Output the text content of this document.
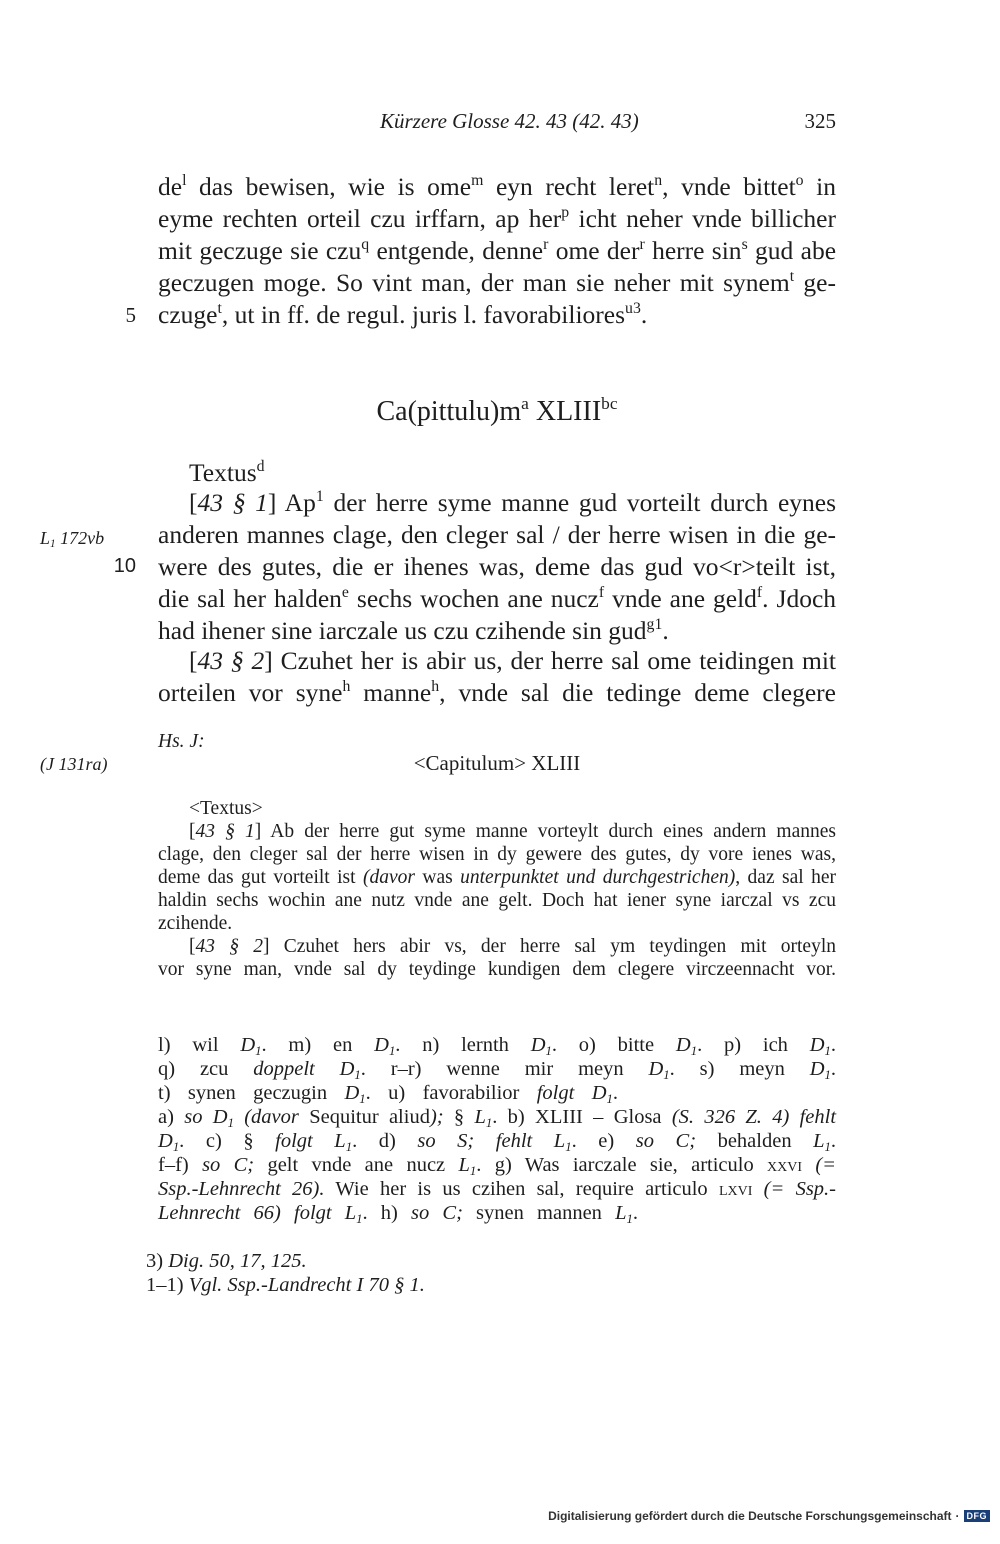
Kürzere Glosse 42. 43 (42. 43)	325
$de^l$ das bewisen, wie is ome$^m$ eyn recht leret$^n$, vnde bittet$^o$ in
eyme rechten orteil czu irffarn, ap her$^p$ icht neher vnde billicher
mit geczuge sie czu$^q$ entgende, denne$^r$ ome der$^r$ herre $\sin^s$ gud abe
geczugen moge. So vint man, der man sie neher mit synem$^t$ ge-
czuge$^t$, ut in ff. de regul. juris l. favorabiliores$^{u3}$.
5
$Ca(pittulu)m^a$ $XLIII^{bc}$
Textus$^d$
[43 § 1] Ap$^1$ der herre syme manne gud vorteilt durch eynes
$L_1$ 172vb anderen mannes clage, den cleger sal / der herre wisen in die ge-
10 were des gutes, die er ihenes was, deme das gud vo<r>teilt ist,
die sal her halden$^e$ sechs wochen ane nucz$^f$ vnde ane geld$^f$. Jdoch
had ihener sine iarczale us czu czihende sin gud$^{g1}$.
[43 § 2] Czuhet her is abir us, der herre sal ome teidingen mit
orteilen vor syne$^h$ manne$^h$, vnde sal die tedinge deme clegere
Hs. J:
(J 131ra)	<Capitulum> XLIII
<Textus>
[43 § 1] Ab der herre gut syme manne vorteylt durch eines andern mannes
clage, den cleger sal der herre wisen in dy gewere des gutes, dy vore ienes was,
deme das gut vorteilt ist (davor was unterpunktet und durchgestrichen), daz sal her
haldin sechs wochin ane nutz vnde ane gelt. Doch hat iener syne iarczal vs zcu
zcihende.
[43 § 2] Czuhet hers abir vs, der herre sal ym teydingen mit orteyln
vor syne man, vnde sal dy teydinge kundigen dem clegere virczeennacht vor.
l) wil $D_1$. m) en $D_1$. n) lernth $D_1$. o) bitte $D_1$. p) ich $D_1$.
q) zcu doppelt $D_1$. r–r) wenne mir meyn $D_1$. s) meyn $D_1$.
t) synen geczugin $D_1$. u) favorabilior folgt $D_1$.
a) so $D_1$ (davor Sequitur aliud); § $L_1$. b) XLIII – Glosa (S. 326 Z. 4) fehlt
$D_1$. c) § folgt $L_1$. d) so S; fehlt $L_1$. e) so C; behalden $L_1$.
f–f) so C; gelt vnde ane nucz $L_1$. g) Was iarczale sie, articulo xxvi (=
Ssp.-Lehnrecht 26). Wie her is us czihen sal, require articulo lxvi (= Ssp.-
Lehnrecht 66) folgt $L_1$. h) so C; synen mannen $L_1$.
3) Dig. 50, 17, 125.
1–1) Vgl. Ssp.-Landrecht I 70 § 1.
Digitalisierung gefördert durch die Deutsche Forschungsgemeinschaft · DFG
